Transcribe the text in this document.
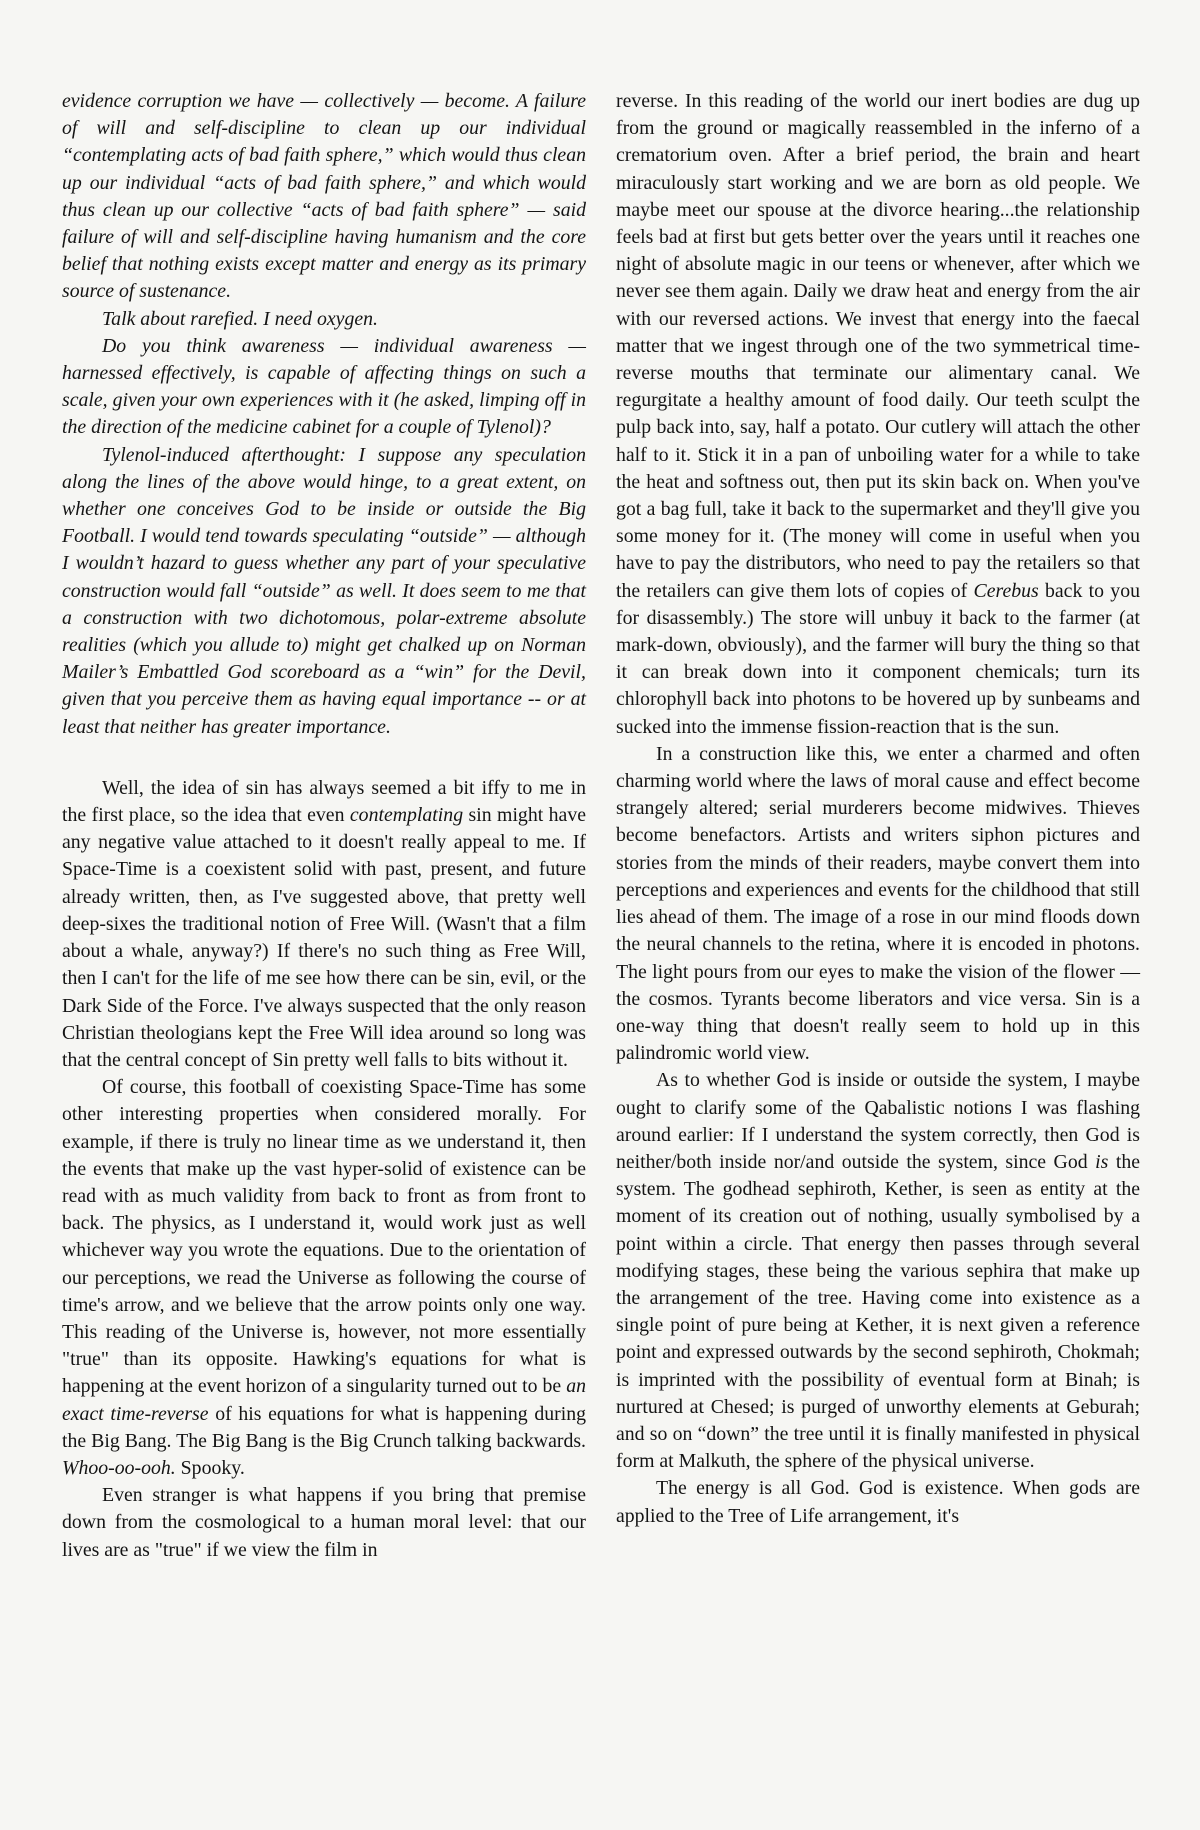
evidence corruption we have — collectively — become. A failure of will and self-discipline to clean up our individual “contemplating acts of bad faith sphere,” which would thus clean up our individual “acts of bad faith sphere,” and which would thus clean up our collective “acts of bad faith sphere” — said failure of will and self-discipline having humanism and the core belief that nothing exists except matter and energy as its primary source of sustenance.

Talk about rarefied. I need oxygen.

Do you think awareness — individual awareness — harnessed effectively, is capable of affecting things on such a scale, given your own experiences with it (he asked, limping off in the direction of the medicine cabinet for a couple of Tylenol)?

Tylenol-induced afterthought: I suppose any speculation along the lines of the above would hinge, to a great extent, on whether one conceives God to be inside or outside the Big Football. I would tend towards speculating “outside” — although I wouldn’t hazard to guess whether any part of your speculative construction would fall “outside” as well. It does seem to me that a construction with two dichotomous, polar-extreme absolute realities (which you allude to) might get chalked up on Norman Mailer’s Embattled God scoreboard as a “win” for the Devil, given that you perceive them as having equal importance -- or at least that neither has greater importance.

Well, the idea of sin has always seemed a bit iffy to me in the first place, so the idea that even contemplating sin might have any negative value attached to it doesn't really appeal to me. If Space-Time is a coexistent solid with past, present, and future already written, then, as I've suggested above, that pretty well deep-sixes the traditional notion of Free Will. (Wasn't that a film about a whale, anyway?) If there's no such thing as Free Will, then I can't for the life of me see how there can be sin, evil, or the Dark Side of the Force. I've always suspected that the only reason Christian theologians kept the Free Will idea around so long was that the central concept of Sin pretty well falls to bits without it.

Of course, this football of coexisting Space-Time has some other interesting properties when considered morally. For example, if there is truly no linear time as we understand it, then the events that make up the vast hyper-solid of existence can be read with as much validity from back to front as from front to back. The physics, as I understand it, would work just as well whichever way you wrote the equations. Due to the orientation of our perceptions, we read the Universe as following the course of time's arrow, and we believe that the arrow points only one way. This reading of the Universe is, however, not more essentially "true" than its opposite. Hawking's equations for what is happening at the event horizon of a singularity turned out to be an exact time-reverse of his equations for what is happening during the Big Bang. The Big Bang is the Big Crunch talking backwards. Whoo-oo-ooh. Spooky.

Even stranger is what happens if you bring that premise down from the cosmological to a human moral level: that our lives are as "true" if we view the film in

reverse. In this reading of the world our inert bodies are dug up from the ground or magically reassembled in the inferno of a crematorium oven. After a brief period, the brain and heart miraculously start working and we are born as old people. We maybe meet our spouse at the divorce hearing...the relationship feels bad at first but gets better over the years until it reaches one night of absolute magic in our teens or whenever, after which we never see them again. Daily we draw heat and energy from the air with our reversed actions. We invest that energy into the faecal matter that we ingest through one of the two symmetrical time-reverse mouths that terminate our alimentary canal. We regurgitate a healthy amount of food daily. Our teeth sculpt the pulp back into, say, half a potato. Our cutlery will attach the other half to it. Stick it in a pan of unboiling water for a while to take the heat and softness out, then put its skin back on. When you've got a bag full, take it back to the supermarket and they'll give you some money for it. (The money will come in useful when you have to pay the distributors, who need to pay the retailers so that the retailers can give them lots of copies of Cerebus back to you for disassembly.) The store will unbuy it back to the farmer (at mark-down, obviously), and the farmer will bury the thing so that it can break down into it component chemicals; turn its chlorophyll back into photons to be hovered up by sunbeams and sucked into the immense fission-reaction that is the sun.

In a construction like this, we enter a charmed and often charming world where the laws of moral cause and effect become strangely altered; serial murderers become midwives. Thieves become benefactors. Artists and writers siphon pictures and stories from the minds of their readers, maybe convert them into perceptions and experiences and events for the childhood that still lies ahead of them. The image of a rose in our mind floods down the neural channels to the retina, where it is encoded in photons. The light pours from our eyes to make the vision of the flower — the cosmos. Tyrants become liberators and vice versa. Sin is a one-way thing that doesn't really seem to hold up in this palindromic world view.

As to whether God is inside or outside the system, I maybe ought to clarify some of the Qabalistic notions I was flashing around earlier: If I understand the system correctly, then God is neither/both inside nor/and outside the system, since God is the system. The godhead sephiroth, Kether, is seen as entity at the moment of its creation out of nothing, usually symbolised by a point within a circle. That energy then passes through several modifying stages, these being the various sephira that make up the arrangement of the tree. Having come into existence as a single point of pure being at Kether, it is next given a reference point and expressed outwards by the second sephiroth, Chokmah; is imprinted with the possibility of eventual form at Binah; is nurtured at Chesed; is purged of unworthy elements at Geburah; and so on “down” the tree until it is finally manifested in physical form at Malkuth, the sphere of the physical universe.

The energy is all God. God is existence. When gods are applied to the Tree of Life arrangement, it's
